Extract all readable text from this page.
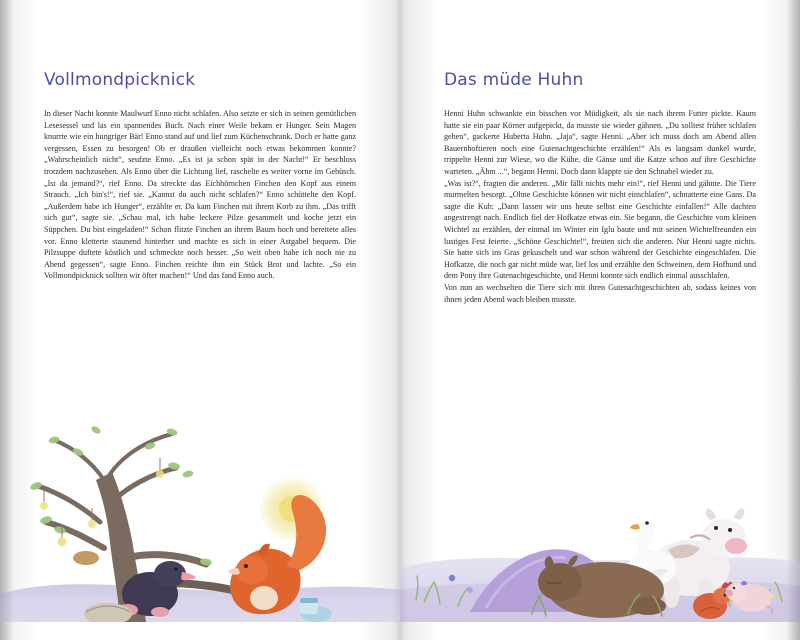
Vollmondpicknick

In dieser Nacht konnte Maulwurf Enno nicht schlafen. Also setzte er sich in seinen gemütlichen Lesesessel und las ein spannendes Buch. Nach einer Weile bekam er Hunger. Sein Magen knurrte wie ein hungriger Bär! Enno stand auf und lief zum Küchenschrank. Doch er hatte ganz vergessen, Essen zu besorgen! Ob er draußen vielleicht noch etwas bekommen konnte? „Wahrscheinlich nicht“, seufzte Enno. „Es ist ja schon spät in der Nacht!“ Er beschloss trotzdem nachzusehen. Als Enno über die Lichtung lief, raschelte es weiter vorne im Gebüsch. „Ist da jemand?“, rief Enno. Da streckte das Eichhörnchen Finchen den Kopf aus einem Strauch. „Ich bin's!“, rief sie. „Kannst du auch nicht schlafen?“ Enno schüttelte den Kopf. „Außerdem habe ich Hunger“, erzählte er. Da kam Finchen mit ihrem Korb zu ihm. „Das trifft sich gut“, sagte sie. „Schau mal, ich habe leckere Pilze gesammelt und koche jetzt ein Süppchen. Du bist eingeladen!“ Schon flitzte Finchen an ihrem Baum hoch und bereitete alles vor. Enno kletterte staunend hinterher und machte es sich in einer Astgabel bequem. Die Pilzsuppe duftete köstlich und schmeckte noch besser. „So weit oben habe ich noch nie zu Abend gegessen“, sagte Enno. Finchen reichte ihm ein Stück Brot und lachte. „So ein Vollmondpicknick sollten wir öfter machen!“ Und das fand Enno auch.

Das müde Huhn

Henni Huhn schwankte ein bisschen vor Müdigkeit, als sie nach ihrem Futter pickte. Kaum hatte sie ein paar Körner aufgepickt, da musste sie wieder gähnen. „Du solltest früher schlafen gehen“, gackerte Huberta Huhn. „Jaja“, sagte Henni. „Aber ich muss doch am Abend allen Bauernhoftieren noch eine Gutenachtgeschichte erzählen!“ Als es langsam dunkel wurde, trippelte Henni zur Wiese, wo die Kühe, die Gänse und die Katze schon auf ihre Geschichte warteten. „Ähm ...“, begann Henni. Doch dann klappte sie den Schnabel wieder zu.

„Was ist?“, fragten die anderen. „Mir fällt nichts mehr ein!“, rief Henni und gähnte. Die Tiere murmelten besorgt. „Ohne Geschichte können wir nicht einschlafen“, schnatterte eine Gans. Da sagte die Kuh: „Dann lassen wir uns heute selbst eine Geschichte einfallen!“ Alle dachten angestrengt nach. Endlich fiel der Hofkatze etwas ein. Sie begann, die Geschichte vom kleinen Wichtel zu erzählen, der einmal im Winter ein Iglu baute und mit seinen Wichtelfreunden ein lustiges Fest feierte. „Schöne Geschichte!“, freuten sich die anderen. Nur Henni sagte nichts. Sie hatte sich ins Gras gekuschelt und war schon während der Geschichte eingeschlafen. Die Hofkatze, die noch gar nicht müde war, lief los und erzählte den Schweinen, dem Hofhund und dem Pony ihre Gutenachtgeschichte, und Henni konnte sich endlich einmal ausschlafen.

Von nun an wechselten die Tiere sich mit ihren Gutenachtgeschichten ab, sodass keines von ihnen jeden Abend wach bleiben musste.
